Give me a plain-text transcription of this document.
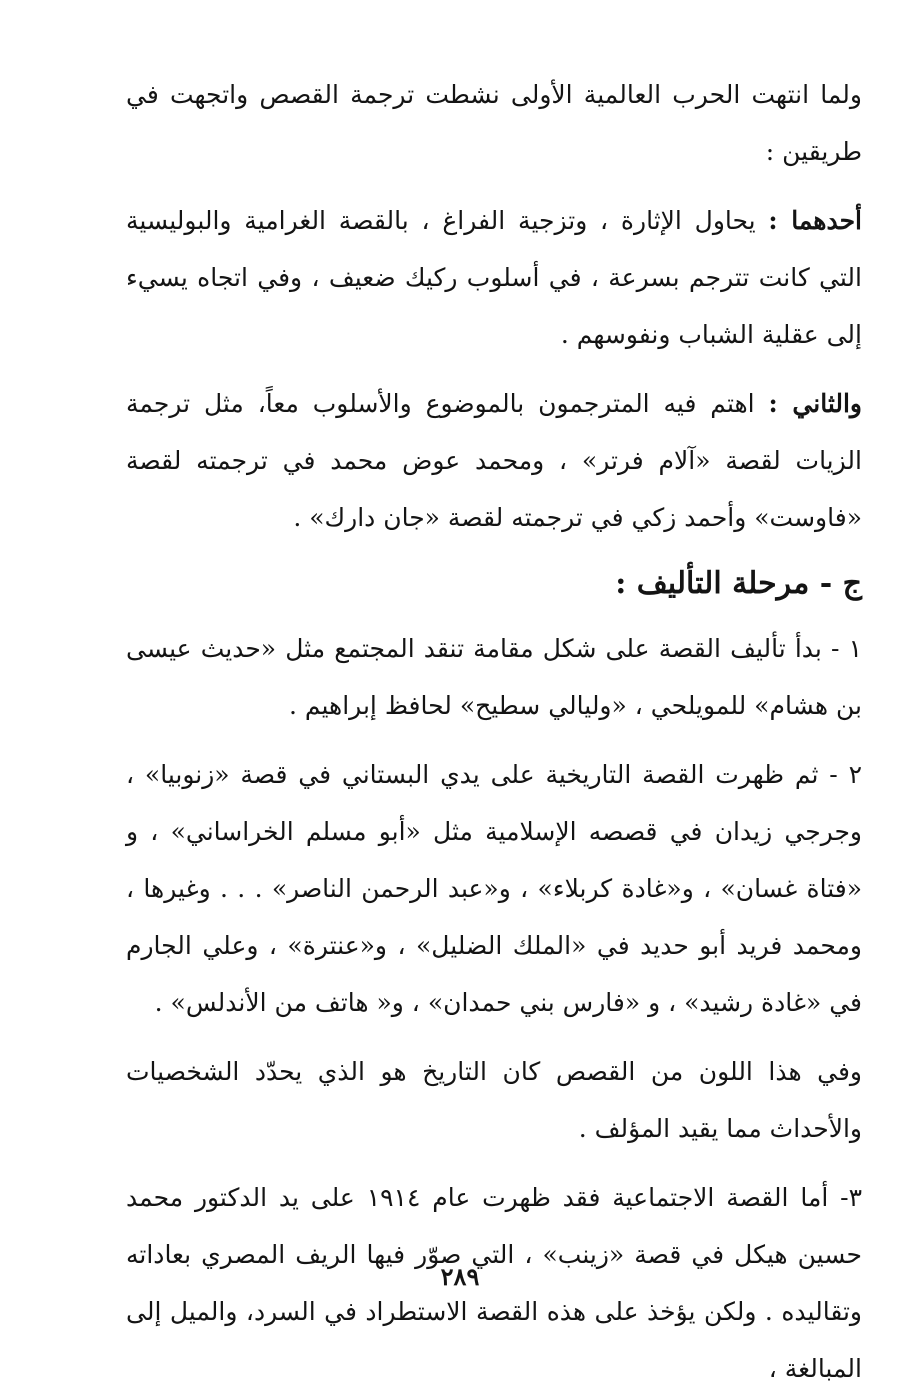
ولما انتهت الحرب العالمية الأولى نشطت ترجمة القصص واتجهت في طريقين :

أحدهما : يحاول الإثارة ، وتزجية الفراغ ، بالقصة الغرامية والبوليسية التي كانت تترجم بسرعة ، في أسلوب ركيك ضعيف ، وفي اتجاه يسيء إلى عقلية الشباب ونفوسهم .

والثاني : اهتم فيه المترجمون بالموضوع والأسلوب معاً، مثل ترجمة الزيات لقصة «آلام فرتر» ، ومحمد عوض محمد في ترجمته لقصة «فاوست» وأحمد زكي في ترجمته لقصة «جان دارك» .

ج - مرحلة التأليف :

١ - بدأ تأليف القصة على شكل مقامة تنقد المجتمع مثل «حديث عيسى بن هشام» للمويلحي ، «وليالي سطيح» لحافظ إبراهيم .

٢ - ثم ظهرت القصة التاريخية على يدي البستاني في قصة «زنوبيا» ، وجرجي زيدان في قصصه الإسلامية مثل «أبو مسلم الخراساني» ، و «فتاة غسان» ، و«غادة كربلاء» ، و«عبد الرحمن الناصر» . . . وغيرها ، ومحمد فريد أبو حديد في «الملك الضليل» ، و«عنترة» ، وعلي الجارم في «غادة رشيد» ، و «فارس بني حمدان» ، و« هاتف من الأندلس» .

وفي هذا اللون من القصص كان التاريخ هو الذي يحدّد الشخصيات والأحداث مما يقيد المؤلف .

٣- أما القصة الاجتماعية فقد ظهرت عام ١٩١٤ على يد الدكتور محمد حسين هيكل في قصة «زينب» ، التي صوّر فيها الريف المصري بعاداته وتقاليده . ولكن يؤخذ على هذه القصة الاستطراد في السرد، والميل إلى المبالغة ،

٢٨٩
